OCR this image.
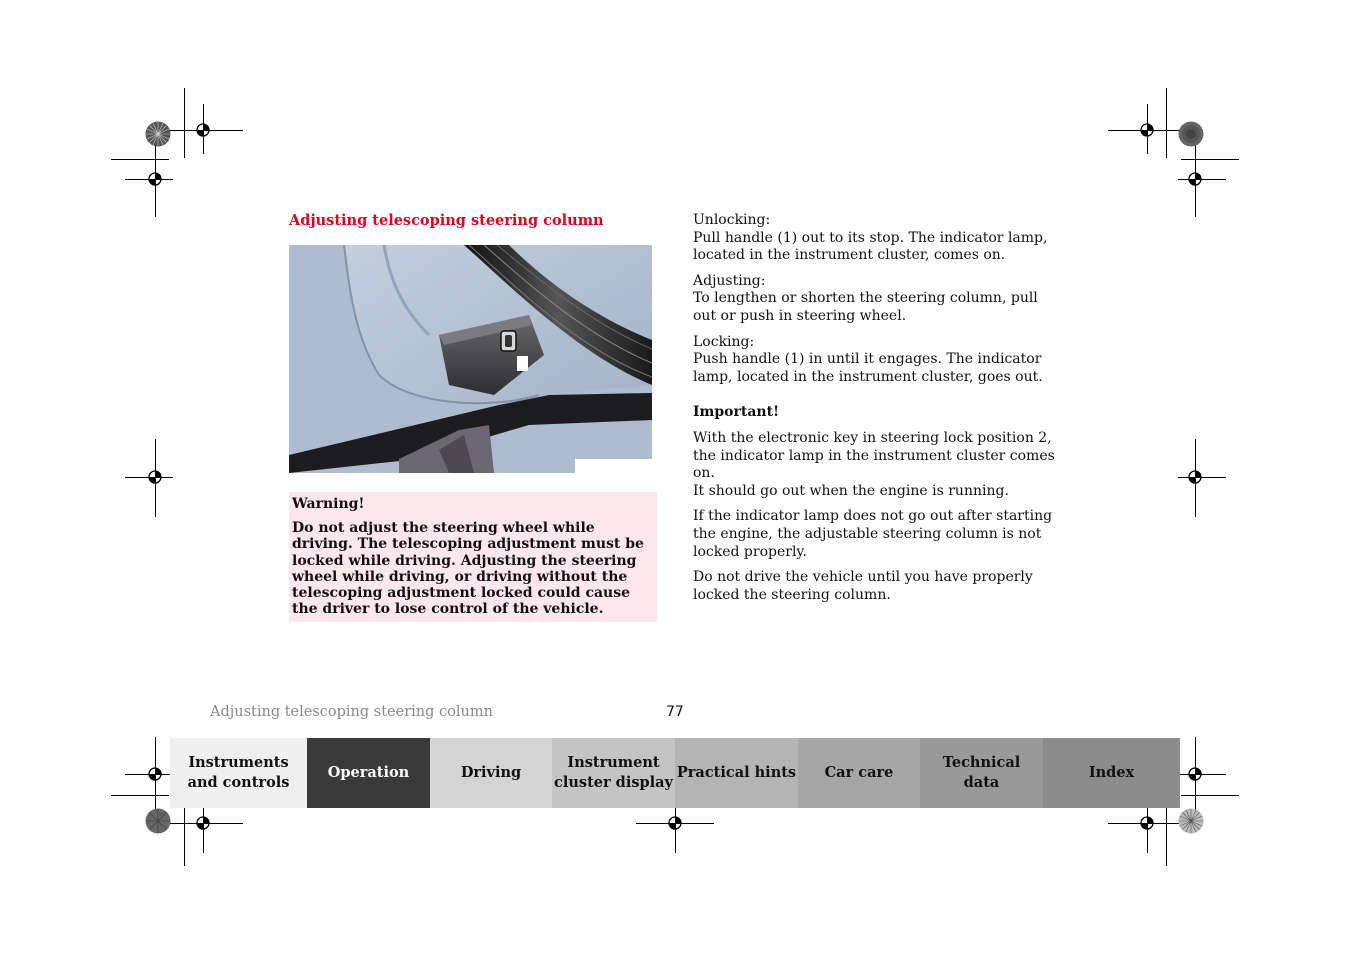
Adjusting telescoping steering column
1
Warning!
Do not adjust the steering wheel while driving. The telescoping adjustment must be locked while driving. Adjusting the steering wheel while driving, or driving without the telescoping adjustment locked could cause the driver to lose control of the vehicle.

Unlocking:
Pull handle (1) out to its stop. The indicator lamp, located in the instrument cluster, comes on.

Adjusting:
To lengthen or shorten the steering column, pull out or push in steering wheel.

Locking:
Push handle (1) in until it engages. The indicator lamp, located in the instrument cluster, goes out.

Important!

With the electronic key in steering lock position 2, the indicator lamp in the instrument cluster comes on.
It should go out when the engine is running.

If the indicator lamp does not go out after starting the engine, the adjustable steering column is not locked properly.

Do not drive the vehicle until you have properly locked the steering column.

Adjusting telescoping steering column	77
Instruments
and controls
Operation	Driving
Instrument
cluster display
Practical hints Car care
Technical
data
Index
